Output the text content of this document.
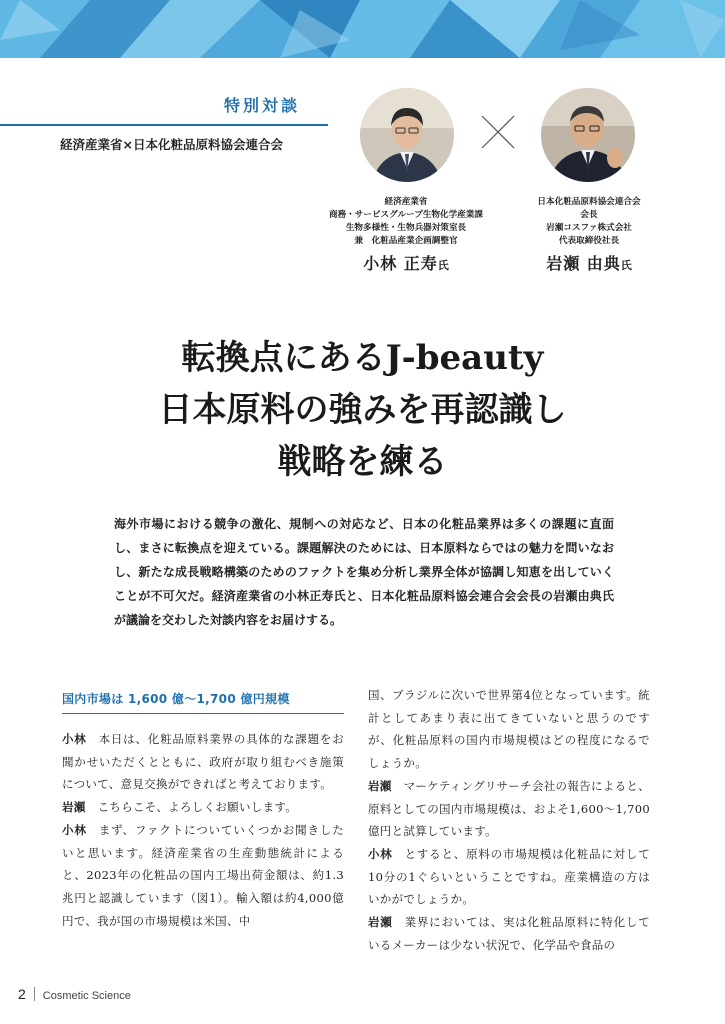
特別対談
経済産業省×日本化粧品原料協会連合会
経済産業省
商務・サービスグループ生物化学産業課
生物多様性・生物兵器対策室長
兼　化粧品産業企画調整官
小林 正寿氏
日本化粧品原料協会連合会
会長
岩瀬コスファ株式会社
代表取締役社長
岩瀬 由典氏
転換点にあるJ-beauty
日本原料の強みを再認識し
戦略を練る
海外市場における競争の激化、規制への対応など、日本の化粧品業界は多くの課題に直面し、まさに転換点を迎えている。課題解決のためには、日本原料ならではの魅力を問いなおし、新たな成長戦略構築のためのファクトを集め分析し業界全体が協調し知恵を出していくことが不可欠だ。経済産業省の小林正寿氏と、日本化粧品原料協会連合会会長の岩瀬由典氏が議論を交わした対談内容をお届けする。
国内市場は 1,600 億〜1,700 億円規模

小林 本日は、化粧品原料業界の具体的な課題をお聞かせいただくとともに、政府が取り組むべき施策について、意見交換ができればと考えております。

岩瀬 こちらこそ、よろしくお願いします。

小林 まず、ファクトについていくつかお聞きしたいと思います。経済産業省の生産動態統計によると、2023年の化粧品の国内工場出荷金額は、約1.3兆円と認識しています（図1）。輸入額は約4,000億円で、我が国の市場規模は米国、中

国、ブラジルに次いで世界第4位となっています。統計としてあまり表に出てきていないと思うのですが、化粧品原料の国内市場規模はどの程度になるでしょうか。

岩瀬 マーケティングリサーチ会社の報告によると、原料としての国内市場規模は、およそ1,600〜1,700億円と試算しています。

小林 とすると、原料の市場規模は化粧品に対して10分の1ぐらいということですね。産業構造の方はいかがでしょうか。

岩瀬 業界においては、実は化粧品原料に特化しているメーカーは少ない状況で、化学品や食品の

2 Cosmetic Science
